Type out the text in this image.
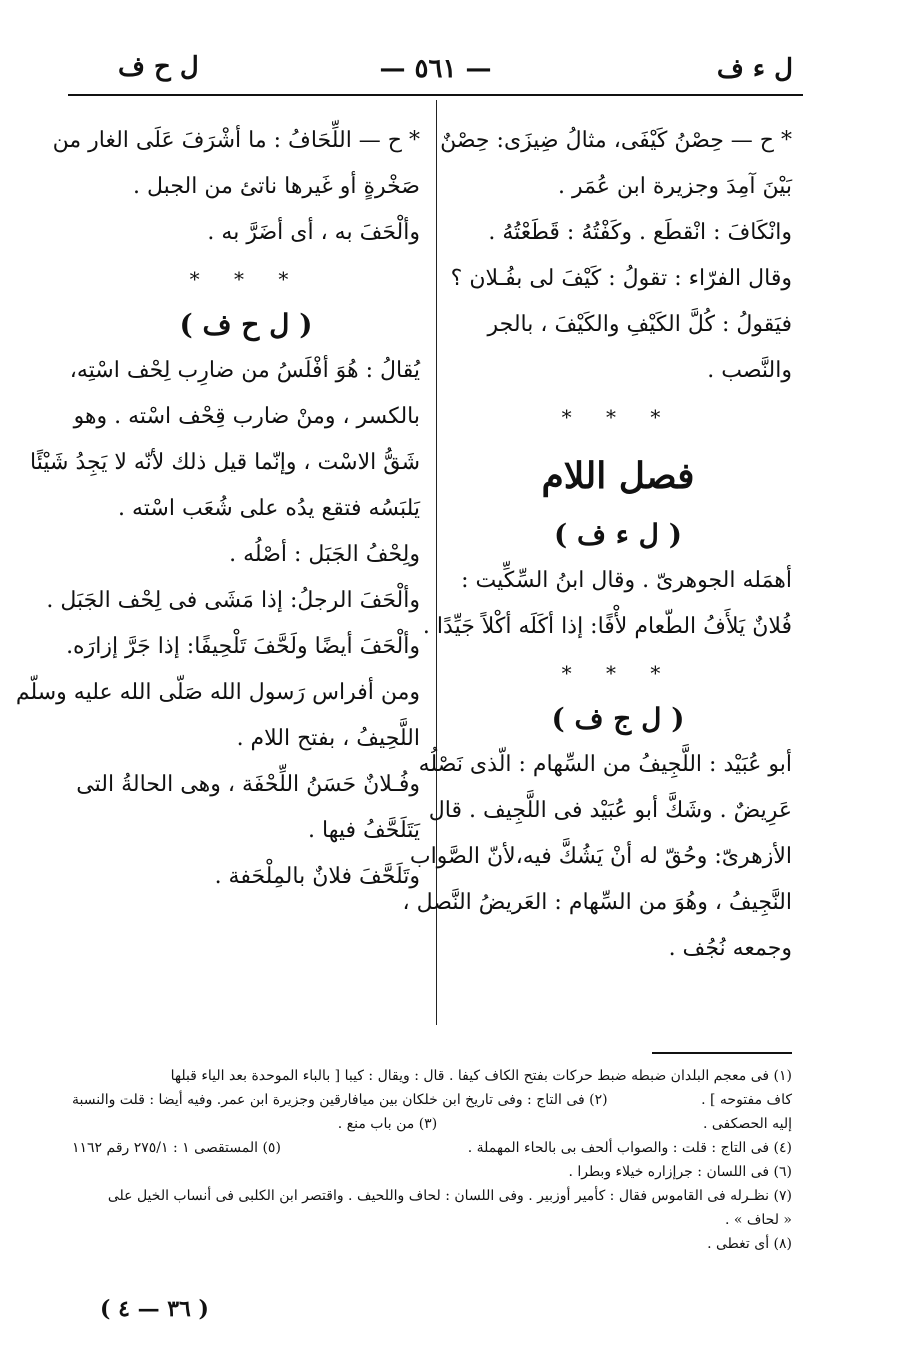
ل ء ف
— ٥٦١ —
ل ح ف
* ح — حِصْنُ كَيْفَى، مثالُ ضِيزَى: حِصْنٌ
بَيْنَ آمِدَ وجزيرة ابن عُمَر .
وانْكَافَ : انْقطَع . وكَفْتُهُ : قَطَعْتُهُ .
وقال الفرّاء : تقولُ : كَيْفَ لى بفُـلان ؟
فيَقولُ : كُلَّ الكَيْفِ والكَيْفَ ، بالجر
والنَّصب .
* * *
فصل اللام
( ل ء ف )
أهمَله الجوهرىّ . وقال ابنُ السِّكِّيت :
فُلانٌ يَلأَفُ الطّعام لأْفًا: إذا أكَلَه أكْلاً جَيِّدًا .
* * *
( ل ج ف )
أبو عُبَيْد : اللَّجِيفُ من السِّهام : الّذى نَصْلُه
عَرِيضٌ . وشَكَّ أبو عُبَيْد فى اللَّجِيف . قال
الأزهرىّ: وحُقّ له أنْ يَشُكَّ فيه،لأنّ الصَّواب
النَّجِيفُ ، وهُوَ من السِّهام : العَريضُ النَّصل ،
وجمعه نُجُف .
* ح — اللِّحَافُ : ما أشْرَفَ عَلَى الغار من
صَخْرةٍ أو غَيرها ناتئ من الجبل .
وألْحَفَ به ، أى أضَرَّ به .
* * *
( ل ح ف )
يُقالُ : هُوَ أفْلَسُ من ضارِب لِحْف اسْتِه،
بالكسر ، ومنْ ضارب قِحْف اسْته . وهو
شَقُّ الاسْت ، وإنّما قيل ذلك لأنّه لا يَجِدُ شَيْئًا
يَلبَسُه فتقع يدُه على شُعَب اسْته .
ولِحْفُ الجَبَل : أصْلُه .
وألْحَفَ الرجلُ: إذا مَشَى فى لِحْف الجَبَل .
وألْحَفَ أيضًا ولَحَّفَ تَلْحِيفًا: إذا جَرَّ إزارَه.
ومن أفراس رَسول الله صَلّى الله عليه وسلّم
اللَّحِيفُ ، بفتح اللام .
وفُـلانٌ حَسَنُ اللِّحْفَة ، وهى الحالةُ التى
يَتَلَحَّفُ فيها .
وتَلَحَّفَ فلانٌ بالمِلْحَفة .
(١) فى معجم البلدان ضبطه ضبط حركات بفتح الكاف كيفا . قال : ويقال : كيبا [ بالباء الموحدة بعد الياء قبلها
كاف مفتوحه ] .
(٢) فى التاج : وفى تاريخ ابن خلكان بين ميافارقين وجزيرة ابن عمر. وفيه أيضا : قلت والنسبة
إليه الحصكفى .
(٣) من باب منع .
(٤) فى التاج : قلت : والصواب ألحف بى بالحاء المهملة .
(٥) المستقصى ١ : ٢٧٥/١ رقم ١١٦٢
(٦) فى اللسان : جرإزاره خيلاء وبطرا .
(٧) نظـرله فى القاموس فقال : كأمير أوزبير . وفى اللسان : لحاف واللحيف . واقتصر ابن الكلبى فى أنساب الخيل على
« لحاف » .
(٨) أى تغطى .
( ٣٦ — ٤ )
